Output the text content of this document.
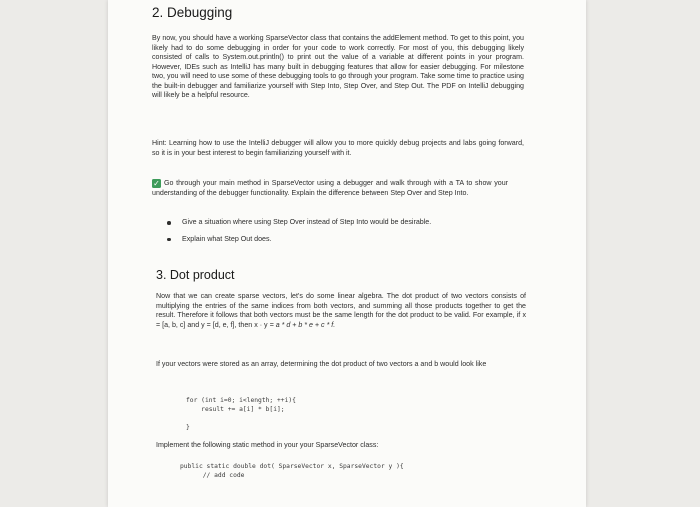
2. Debugging

By now, you should have a working SparseVector class that contains the addElement method. To get to this point, you likely had to do some debugging in order for your code to work correctly. For most of you, this debugging likely consisted of calls to System.out.println() to print out the value of a variable at different points in your program. However, IDEs such as IntelliJ has many built in debugging features that allow for easier debugging. For milestone two, you will need to use some of these debugging tools to go through your program. Take some time to practice using the built-in debugger and familiarize yourself with Step Into, Step Over, and Step Out. The PDF on IntelliJ debugging will likely be a helpful resource.

Hint: Learning how to use the IntelliJ debugger will allow you to more quickly debug projects and labs going forward, so it is in your best interest to begin familiarizing yourself with it.

✓ Go through your main method in SparseVector using a debugger and walk through with a TA to show your understanding of the debugger functionality. Explain the difference between Step Over and Step Into.

Give a situation where using Step Over instead of Step Into would be desirable.
Explain what Step Out does.
3. Dot product

Now that we can create sparse vectors, let's do some linear algebra. The dot product of two vectors consists of multiplying the entries of the same indices from both vectors, and summing all those products together to get the result. Therefore it follows that both vectors must be the same length for the dot product to be valid. For example, if x = [a, b, c] and y = [d, e, f], then x · y = a * d + b * e + c * f.

If your vectors were stored as an array, determining the dot product of two vectors a and b would look like

for (int i=0; i<length; ++i){
result += a[i] * b[i];

}

Implement the following static method in your your SparseVector class:

public static double dot( SparseVector x, SparseVector y ){
// add code
